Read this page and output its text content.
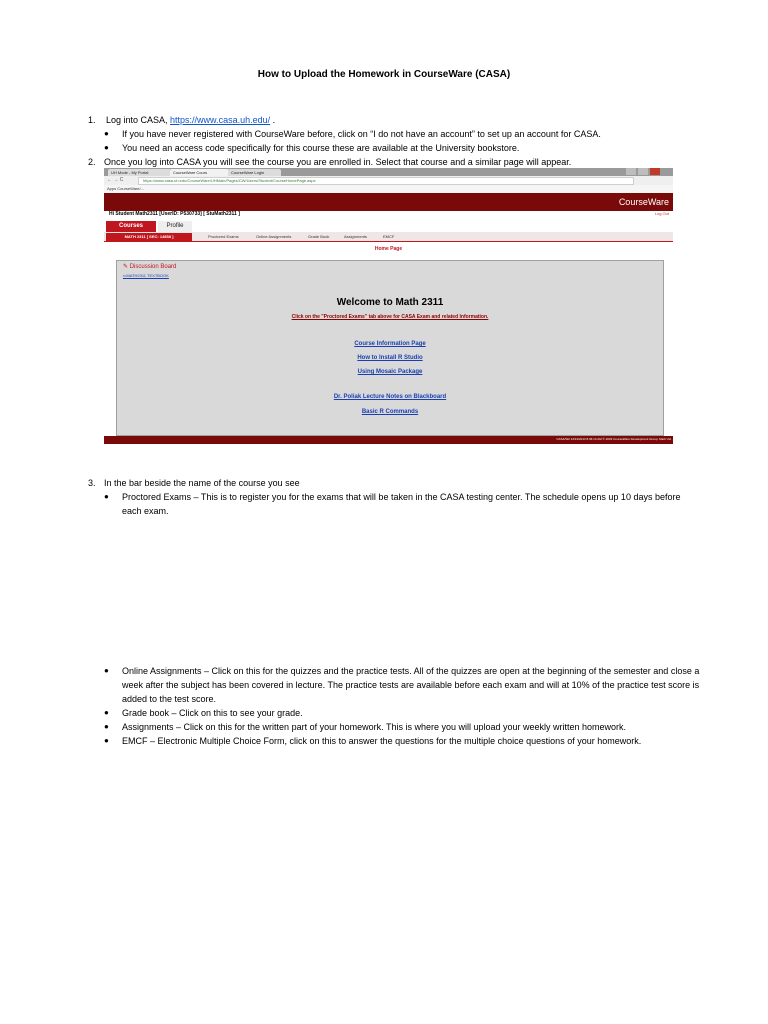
How to Upload the Homework in CourseWare (CASA)
1. Log into CASA, https://www.casa.uh.edu/ .
● If you have never registered with CourseWare before, click on “I do not have an account” to set up an account for CASA.
● You need an access code specifically for this course these are available at the University bookstore.
2. Once you log into CASA you will see the course you are enrolled in. Select that course and a similar page will appear.
UH Mode - My Portal	CourseWare Cours	CourseWare Login
← → C	https://www.casa.uh.edu/CourseWare/UHMain/Pages/CW/Users/Student/CourseHomePage.aspx
Apps CourseWare/...
CourseWare
Hi Student Math2311 [UserID: P530733] [ StuMath2311 ]	Log Out
Courses	Profile
MATH 2311 [ SEC: 14858 ]	Proctored Exams	Online Assignments	Grade Book	Assignments	EMCF
Home Page
✎ Discussion Board
⇐MATH2311 TEXTBOOK
Welcome to Math 2311
Click on the "Proctored Exams" tab above for CASA Exam and related Information.
Course Information Page
How to Install R Studio
Using Mosaic Package
Dr. Poliak Lecture Notes on Blackboard
Basic R Commands
CASA/W2 12/13/2013 8:36:10 AM © 2003 CourseWare Development Group. Math UH
3. In the bar beside the name of the course you see
● Proctored Exams – This is to register you for the exams that will be taken in the CASA testing center. The schedule opens up 10 days before each exam.
● Online Assignments – Click on this for the quizzes and the practice tests. All of the quizzes are open at the beginning of the semester and close a week after the subject has been covered in lecture. The practice tests are available before each exam and will at 10% of the practice test score is added to the test score.
● Grade book – Click on this to see your grade.
● Assignments – Click on this for the written part of your homework. This is where you will upload your weekly written homework.
● EMCF – Electronic Multiple Choice Form, click on this to answer the questions for the multiple choice questions of your homework.
